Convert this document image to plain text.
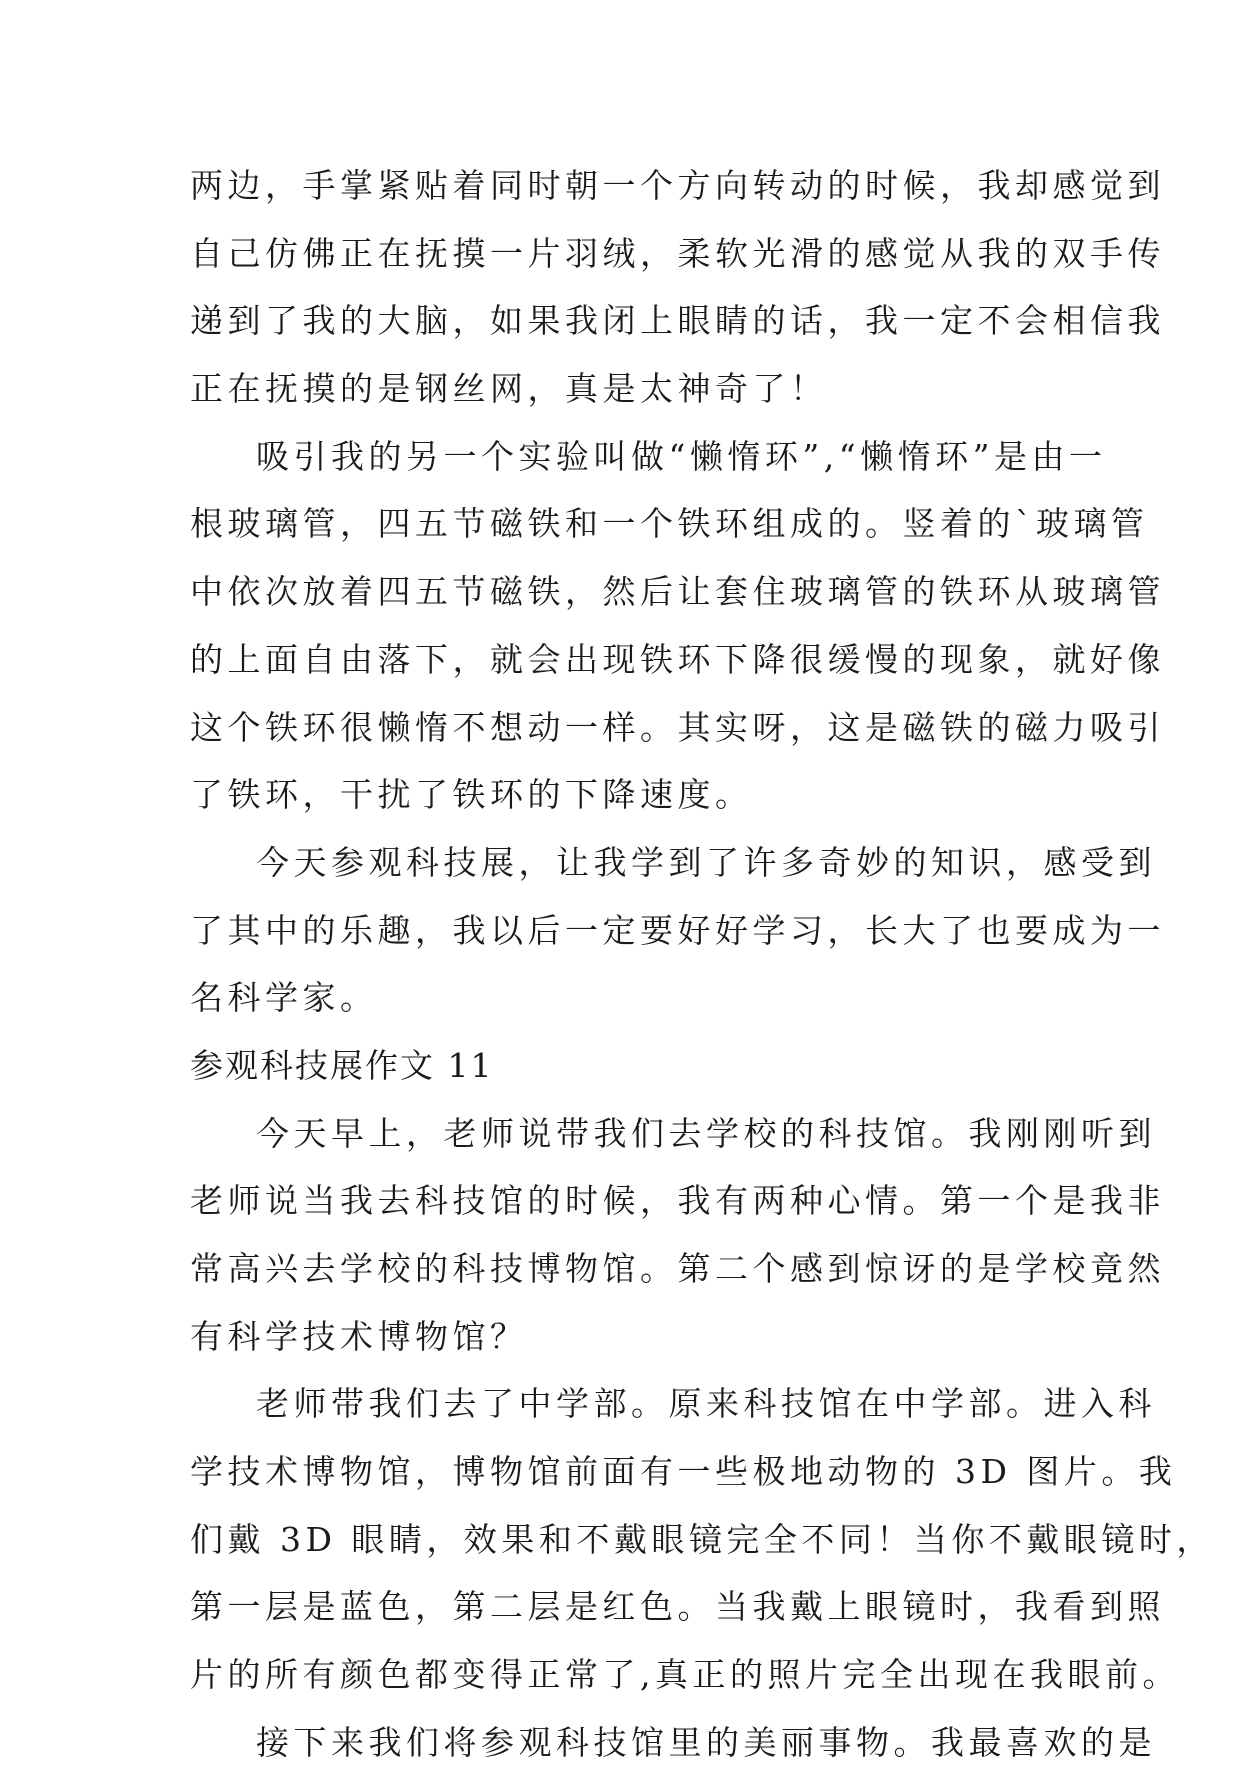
两边，手掌紧贴着同时朝一个方向转动的时候，我却感觉到
自己仿佛正在抚摸一片羽绒，柔软光滑的感觉从我的双手传
递到了我的大脑，如果我闭上眼睛的话，我一定不会相信我
正在抚摸的是钢丝网，真是太神奇了！
吸引我的另一个实验叫做“懒惰环”,“懒惰环”是由一
根玻璃管，四五节磁铁和一个铁环组成的。竖着的`玻璃管
中依次放着四五节磁铁，然后让套住玻璃管的铁环从玻璃管
的上面自由落下，就会出现铁环下降很缓慢的现象，就好像
这个铁环很懒惰不想动一样。其实呀，这是磁铁的磁力吸引
了铁环，干扰了铁环的下降速度。
今天参观科技展，让我学到了许多奇妙的知识，感受到
了其中的乐趣，我以后一定要好好学习，长大了也要成为一
名科学家。
参观科技展作文 11
今天早上，老师说带我们去学校的科技馆。我刚刚听到
老师说当我去科技馆的时候，我有两种心情。第一个是我非
常高兴去学校的科技博物馆。第二个感到惊讶的是学校竟然
有科学技术博物馆？
老师带我们去了中学部。原来科技馆在中学部。进入科
学技术博物馆，博物馆前面有一些极地动物的 3D 图片。我
们戴 3D 眼睛，效果和不戴眼镜完全不同！当你不戴眼镜时，
第一层是蓝色，第二层是红色。当我戴上眼镜时，我看到照
片的所有颜色都变得正常了,真正的照片完全出现在我眼前。
接下来我们将参观科技馆里的美丽事物。我最喜欢的是
